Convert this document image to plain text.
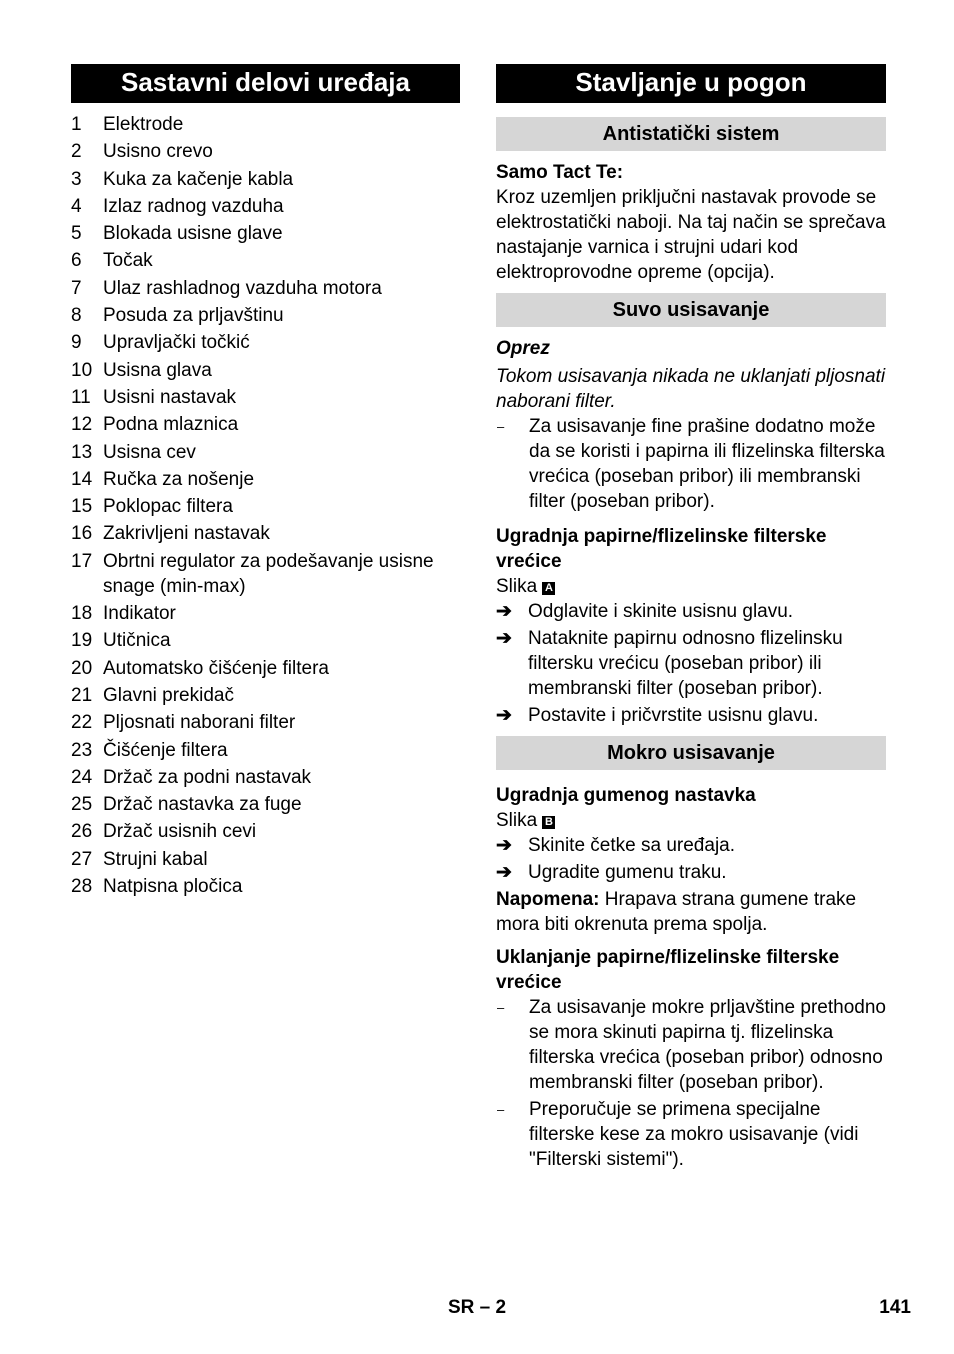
Sastavni delovi uređaja
1	Elektrode
2	Usisno crevo
3	Kuka za kačenje kabla
4	Izlaz radnog vazduha
5	Blokada usisne glave
6	Točak
7	Ulaz rashladnog vazduha motora
8	Posuda za prljavštinu
9	Upravljački točkić
10 Usisna glava
11 Usisni nastavak
12 Podna mlaznica
13 Usisna cev
14 Ručka za nošenje
15 Poklopac filtera
16 Zakrivljeni nastavak
17 Obrtni regulator za podešavanje usisne snage (min-max)
18 Indikator
19 Utičnica
20 Automatsko čišćenje filtera
21 Glavni prekidač
22 Pljosnati naborani filter
23 Čišćenje filtera
24 Držač za podni nastavak
25 Držač nastavka za fuge
26 Držač usisnih cevi
27 Strujni kabal
28 Natpisna pločica
Stavljanje u pogon
Antistatički sistem

Samo Tact Te:

Kroz uzemljen priključni nastavak provode se elektrostatički naboji. Na taj način se sprečava nastajanje varnica i strujni udari kod elektroprovodne opreme (opcija).

Suvo usisavanje

Oprez

Tokom usisavanja nikada ne uklanjati pljosnati naborani filter.

–	Za usisavanje fine prašine dodatno može da se koristi i papirna ili flizelinska filterska vrećica (poseban pribor) ili membranski filter (poseban pribor).

Ugradnja papirne/flizelinske filterske vrećice

Slika A

➔ Odglavite i skinite usisnu glavu.
➔ Nataknite papirnu odnosno flizelinsku filtersku vrećicu (poseban pribor) ili membranski filter (poseban pribor).
➔ Postavite i pričvrstite usisnu glavu.
Mokro usisavanje

Ugradnja gumenog nastavka

Slika B

➔ Skinite četke sa uređaja.
➔ Ugradite gumenu traku.

Napomena: Hrapava strana gumene trake mora biti okrenuta prema spolja.

Uklanjanje papirne/flizelinske filterske vrećice

–	Za usisavanje mokre prljavštine prethodno se mora skinuti papirna tj. flizelinska filterska vrećica (poseban pribor) odnosno membranski filter (poseban pribor).
–	Preporučuje se primena specijalne filterske kese za mokro usisavanje (vidi "Filterski sistemi").
SR – 2	141
